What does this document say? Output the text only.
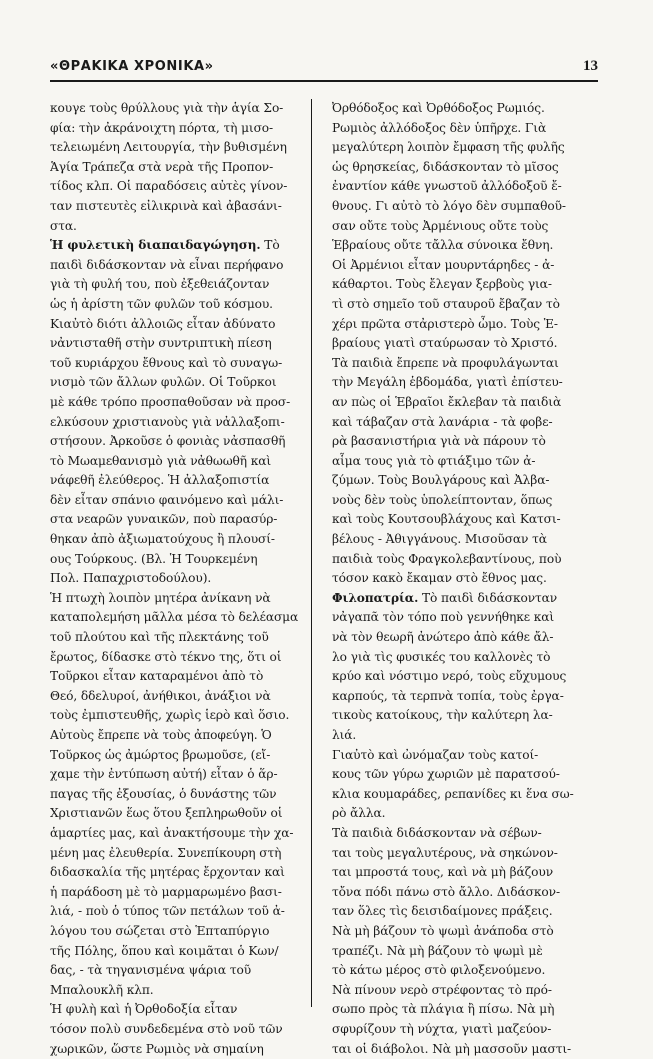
«ΘΡΑΚΙΚΑ ΧΡΟΝΙΚΑ»	13
κουγε τοὺς θρύλλους γιὰ τὴν ἁγία Σο-
φία: τὴν ἀκράνοιχτη πόρτα, τὴ μισο-
τελειωμένη Λειτουργία, τὴν βυθισμένη
Ἁγία Τράπεζα στὰ νερὰ τῆς Προπον-
τίδος κλπ. Οἱ παραδόσεις αὐτὲς γίνον-
ταν πιστευτὲς εἰλικρινὰ καὶ ἀβασάνι-
στα.
Ἡ φυλετικὴ διαπαιδαγώγηση. Τὸ
παιδὶ διδάσκονταν νὰ εἶναι περήφανο
γιὰ τὴ φυλή του, ποὺ ἐξεθειάζονταν
ὡς ἡ ἀρίστη τῶν φυλῶν τοῦ κόσμου.
Κιαὐτὸ διότι ἀλλοιῶς εἶταν ἀδύνατο
νἀντισταθῆ στὴν συντριπτικὴ πίεση
τοῦ κυριάρχου ἔθνους καὶ τὸ συναγω-
νισμὸ τῶν ἄλλων φυλῶν. Οἱ Τοῦρκοι
μὲ κάθε τρόπο προσπαθοῦσαν νὰ προσ-
ελκύσουν χριστιανοὺς γιὰ νἀλλαξοπι-
στήσουν. Ἀρκοῦσε ὁ φονιὰς νἀσπασθῆ
τὸ Μωαμεθανισμὸ γιὰ νἀθωωθῆ καὶ
νάφεθῆ ἐλεύθερος. Ἡ ἀλλαξοπιστία
δὲν εἶταν σπάνιο φαινόμενο καὶ μάλι-
στα νεαρῶν γυναικῶν, ποὺ παρασύρ-
θηκαν ἀπὸ ἀξιωματούχους ἢ πλουσί-
ους Τούρκους. (Βλ. Ἡ Τουρκεμένη
Πολ. Παπαχριστοδούλου).
Ἡ πτωχὴ λοιπὸν μητέρα ἀνίκανη νὰ
καταπολεμήση μᾶλλα μέσα τὸ δελέασμα
τοῦ πλούτου καὶ τῆς πλεκτάνης τοῦ
ἔρωτος, δίδασκε στὸ τέκνο της, ὅτι οἱ
Τοῦρκοι εἶταν καταραμένοι ἀπὸ τὸ
Θεό, δδελυροί, ἀνήθικοι, ἀνάξιοι νὰ
τοὺς ἐμπιστευθῆς, χωρὶς ἱερὸ καὶ ὅσιο.
Αὐτοὺς ἔπρεπε νὰ τοὺς ἀποφεύγη. Ὁ
Τοῦρκος ὡς ἀμώρτος βρωμοῦσε, (εἴ-
χαμε τὴν ἐντύπωση αὐτή) εἶταν ὁ ἅρ-
παγας τῆς ἐξουσίας, ὁ δυνάστης τῶν
Χριστιανῶν ἕως ὅτου ξεπληρωθοῦν οἱ
ἁμαρτίες μας, καὶ ἀνακτήσουμε τὴν χα-
μένη μας ἐλευθερία. Συνεπίκουρη στὴ
διδασκαλία τῆς μητέρας ἔρχονταν καὶ
ἡ παράδοση μὲ τὸ μαρμαρωμένο βασι-
λιά, - ποὺ ὁ τύπος τῶν πετάλων τοῦ ἀ-
λόγου του σώζεται στὸ Ἑπταπύργιο
τῆς Πόλης, ὅπου καὶ κοιμᾶται ὁ Κων/
δας, - τὰ τηγανισμένα ψάρια τοῦ
Μπαλουκλῆ κλπ.
Ἡ φυλὴ καὶ ἡ Ὀρθοδοξία εἶταν
τόσον πολὺ συνδεδεμένα στὸ νοῦ τῶν
χωρικῶν, ὥστε Ρωμιὸς νὰ σημαίνη
Ὀρθόδοξος καὶ Ὀρθόδοξος Ρωμιός.
Ρωμιὸς ἀλλόδοξος δὲν ὑπῆρχε. Γιὰ
μεγαλύτερη λοιπὸν ἔμφαση τῆς φυλῆς
ὡς θρησκείας, διδάσκονταν τὸ μῖσος
ἐναντίον κάθε γνωστοῦ ἀλλόδοξοῦ ἔ-
θνους. Γι αὐτὸ τὸ λόγο δὲν συμπαθοῦ-
σαν οὔτε τοὺς Ἀρμένιους οὔτε τοὺς
Ἑβραίους οὔτε τἄλλα σύνοικα ἔθνη.
Οἱ Ἀρμένιοι εἶταν μουρντάρηδες - ἀ-
κάθαρτοι. Τοὺς ἔλεγαν ξερβοὺς για-
τὶ στὸ σημεῖο τοῦ σταυροῦ ἔβαζαν τὸ
χέρι πρῶτα στἀριστερὸ ὦμο. Τοὺς Ἑ-
βραίους γιατὶ σταύρωσαν τὸ Χριστό.
Τὰ παιδιὰ ἔπρεπε νὰ προφυλάγωνται
τὴν Μεγάλη ἑβδομάδα, γιατὶ ἐπίστευ-
αν πὼς οἱ Ἑβραῖοι ἔκλεβαν τὰ παιδιὰ
καὶ τάβαζαν στὰ λανάρια - τὰ φοβε-
ρὰ βασανιστήρια γιὰ νὰ πάρουν τὸ
αἷμα τους γιὰ τὸ φτιάξιμο τῶν ἀ-
ζύμων. Τοὺς Βουλγάρους καὶ Ἀλβα-
νοὺς δὲν τοὺς ὑπολείπτονταν, ὅπως
καὶ τοὺς Κουτσουβλάχους καὶ Κατσι-
βέλους - Ἀθιγγάνους. Μισοῦσαν τὰ
παιδιὰ τοὺς Φραγκολεβαντίνους, ποὺ
τόσον κακὸ ἔκαμαν στὸ ἔθνος μας.
Φιλοπατρία. Τὸ παιδὶ διδάσκονταν
νἀγαπᾶ τὸν τόπο ποὺ γεννήθηκε καὶ
νὰ τὸν θεωρῆ ἀνώτερο ἀπὸ κάθε ἄλ-
λο γιὰ τὶς φυσικές του καλλονὲς τὸ
κρύο καὶ νόστιμο νερό, τοὺς εὔχυμους
καρπούς, τὰ τερπνὰ τοπία, τοὺς ἐργα-
τικοὺς κατοίκους, τὴν καλύτερη λα-
λιά.
Γιαὐτὸ καὶ ὠνόμαζαν τοὺς κατοί-
κους τῶν γύρω χωριῶν μὲ παρατσού-
κλια κουμαράδες, ρεπανίδες κι ἕνα σω-
ρὸ ἄλλα.
Τὰ παιδιὰ διδάσκονταν νὰ σέβων-
ται τοὺς μεγαλυτέρους, νὰ σηκώνον-
ται μπροστά τους, καὶ νὰ μὴ βάζουν
τὄνα πόδι πάνω στὸ ἄλλο. Διδάσκον-
ταν ὅλες τὶς δεισιδαίμονες πράξεις.
Νὰ μὴ βάζουν τὸ ψωμὶ ἀνάποδα στὸ
τραπέζι. Νὰ μὴ βάζουν τὸ ψωμὶ μὲ
τὸ κάτω μέρος στὸ φιλοξενούμενο.
Νὰ πίνουν νερὸ στρέφοντας τὸ πρό-
σωπο πρὸς τὰ πλάγια ἢ πίσω. Νὰ μὴ
σφυρίζουν τὴ νύχτα, γιατὶ μαζεύον-
ται οἱ διάβολοι. Νὰ μὴ μασσοῦν μαστι-
